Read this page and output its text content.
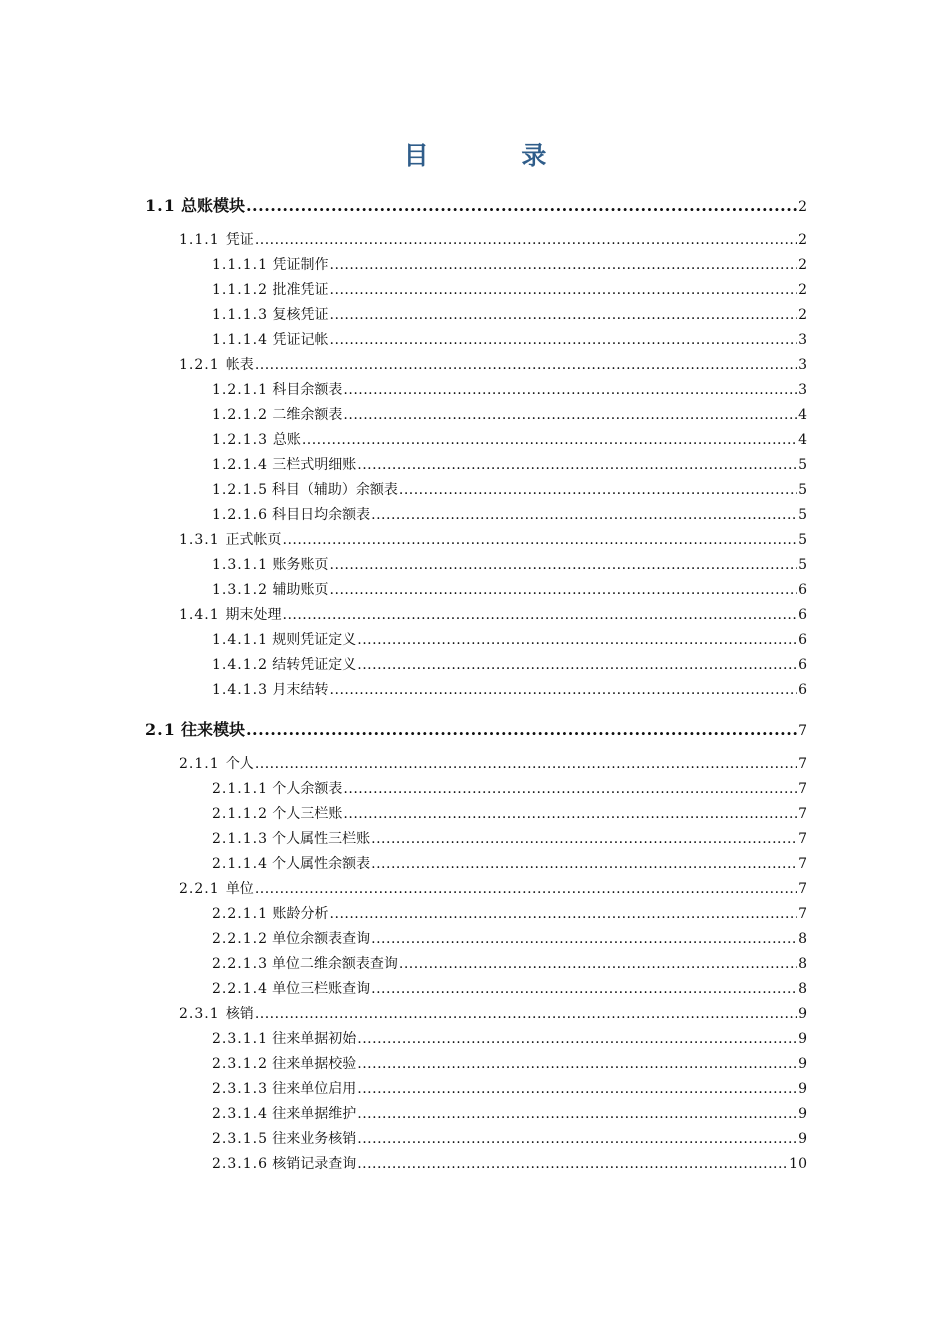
目 录
1.1 总账模块 .....	2
1.1.1 凭证 .....	2
1.1.1.1 凭证制作 .....	2
1.1.1.2 批准凭证 .....	2
1.1.1.3 复核凭证 .....	2
1.1.1.4 凭证记帐 .....	3
1.2.1 帐表 .....	3
1.2.1.1 科目余额表 .....	3
1.2.1.2 二维余额表 .....	4
1.2.1.3 总账 .....	4
1.2.1.4 三栏式明细账 .....	5
1.2.1.5 科目（辅助）余额表 .....	5
1.2.1.6 科目日均余额表 .....	5
1.3.1 正式帐页 .....	5
1.3.1.1 账务账页 .....	5
1.3.1.2 辅助账页 .....	6
1.4.1 期末处理 .....	6
1.4.1.1 规则凭证定义 .....	6
1.4.1.2 结转凭证定义 .....	6
1.4.1.3 月末结转 .....	6
2.1 往来模块 .....	7
2.1.1 个人 .....	7
2.1.1.1 个人余额表 .....	7
2.1.1.2 个人三栏账 .....	7
2.1.1.3 个人属性三栏账 .....	7
2.1.1.4 个人属性余额表 .....	7
2.2.1 单位 .....	7
2.2.1.1 账龄分析 .....	7
2.2.1.2 单位余额表查询 .....	8
2.2.1.3 单位二维余额表查询 .....	8
2.2.1.4 单位三栏账查询 .....	8
2.3.1 核销 .....	9
2.3.1.1 往来单据初始 .....	9
2.3.1.2 往来单据校验 .....	9
2.3.1.3 往来单位启用 .....	9
2.3.1.4 往来单据维护 .....	9
2.3.1.5 往来业务核销 .....	9
2.3.1.6 核销记录查询 .....	10
